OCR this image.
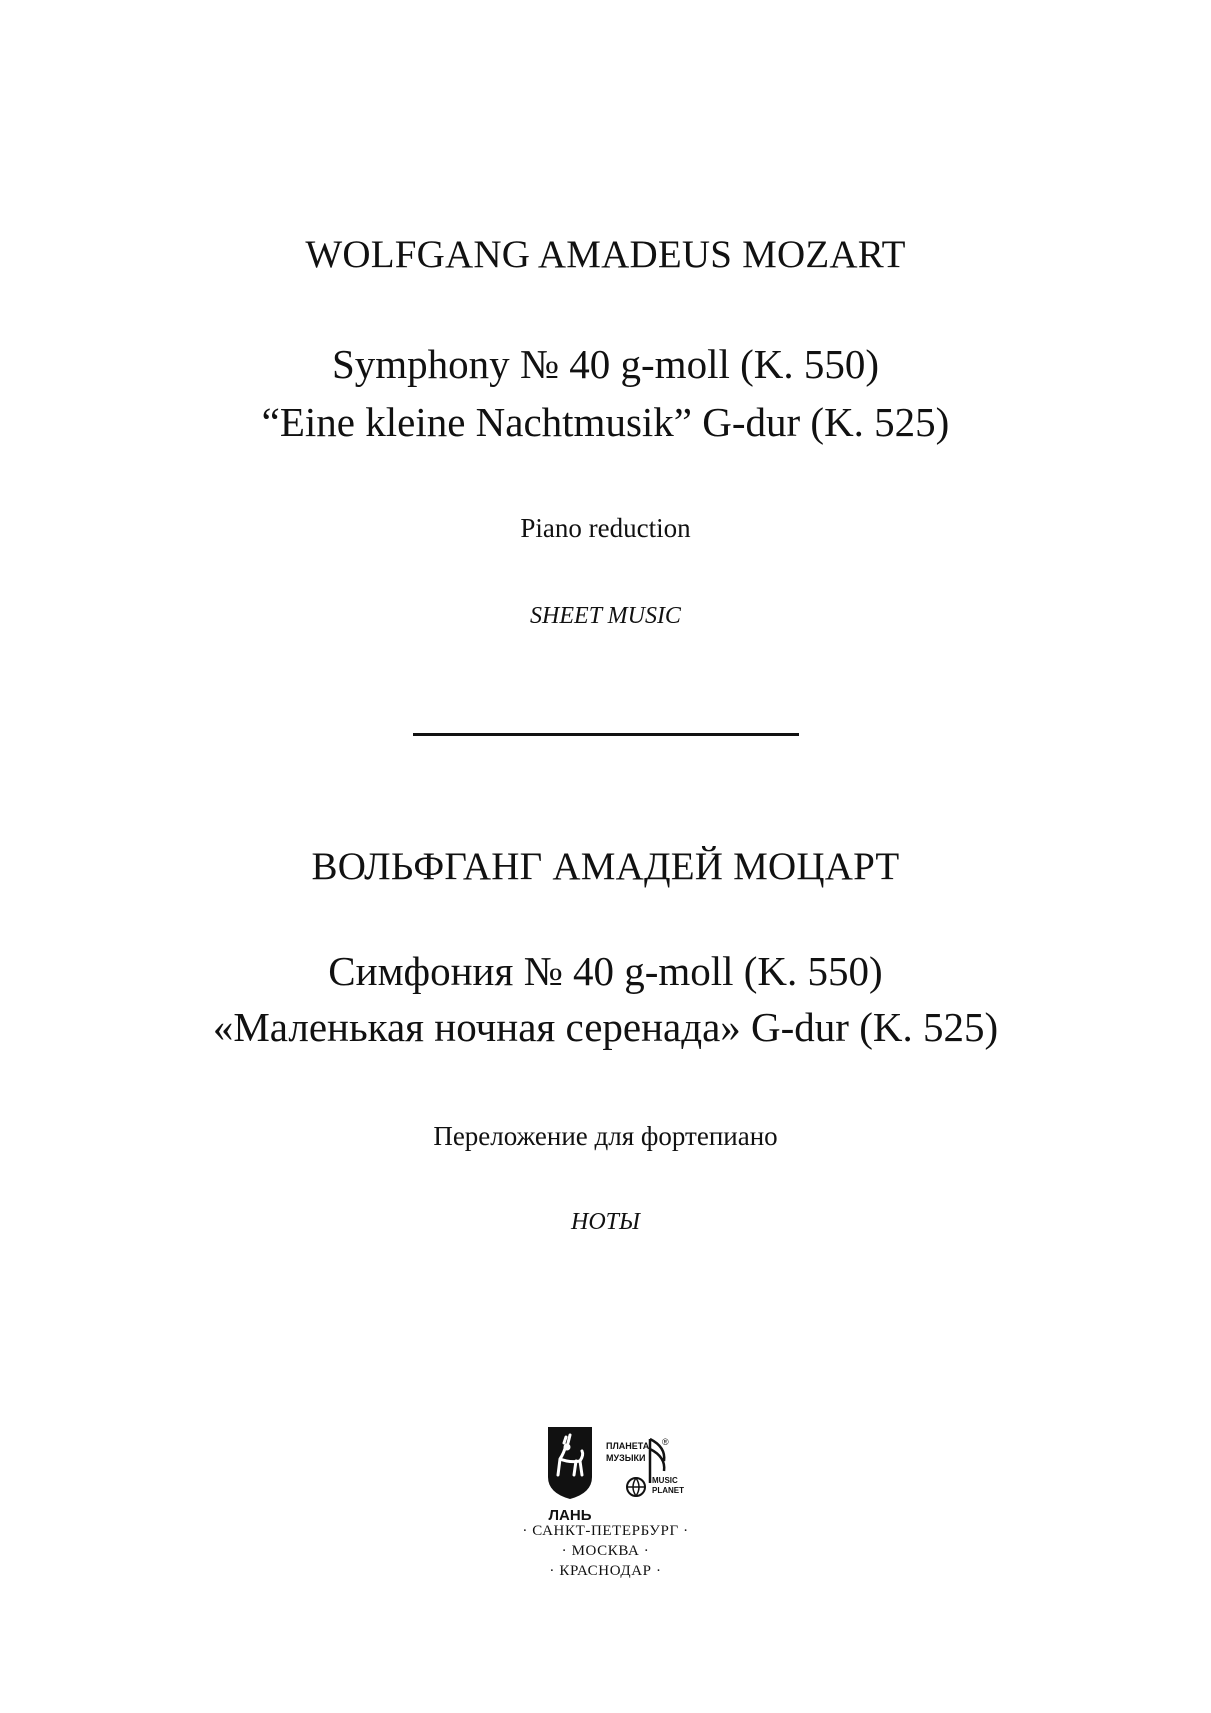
WOLFGANG AMADEUS MOZART
Symphony № 40 g-moll (K. 550)
“Eine kleine Nachtmusik” G-dur (K. 525)
Piano reduction
SHEET MUSIC
ВОЛЬФГАНГ АМАДЕЙ МОЦАРТ
Симфония № 40 g-moll (K. 550)
«Маленькая ночная серенада» G-dur (K. 525)
Переложение для фортепиано
НОТЫ
ЛАНЬ
ПЛАНЕТА
МУЗЫКИ
®
MUSIC
PLANET
· САНКТ-ПЕТЕРБУРГ ·
· МОСКВА ·
· КРАСНОДАР ·
